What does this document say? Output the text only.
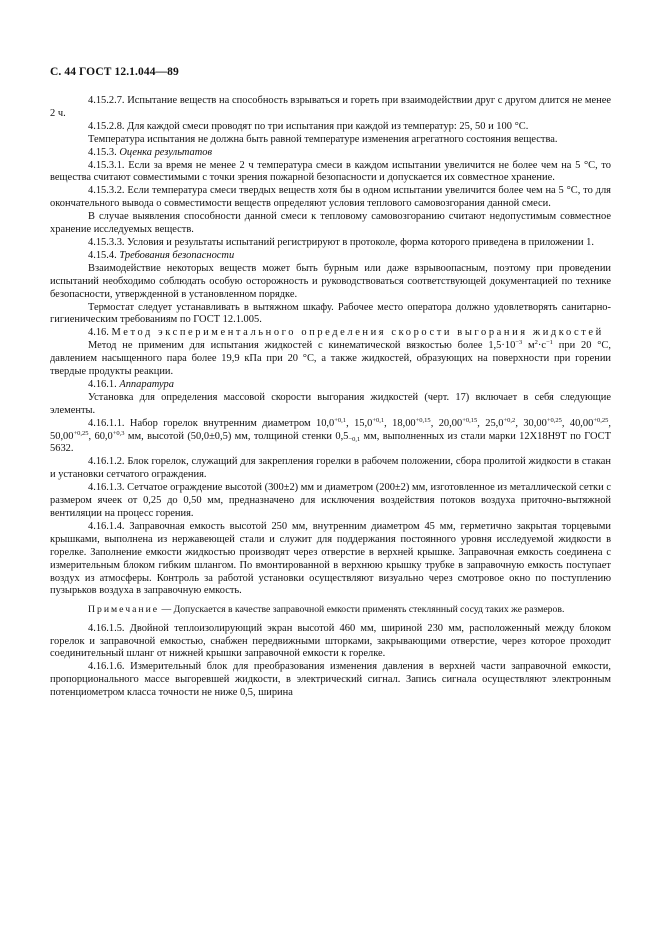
С. 44 ГОСТ 12.1.044—89

4.15.2.7. Испытание веществ на способность взрываться и гореть при взаимодействии друг с другом длится не менее 2 ч.

4.15.2.8. Для каждой смеси проводят по три испытания при каждой из температур: 25, 50 и 100 °С.

Температура испытания не должна быть равной температуре изменения агрегатного состояния вещества.

4.15.3. Оценка результатов

4.15.3.1. Если за время не менее 2 ч температура смеси в каждом испытании увеличится не более чем на 5 °С, то вещества считают совместимыми с точки зрения пожарной безопасности и допускается их совместное хранение.

4.15.3.2. Если температура смеси твердых веществ хотя бы в одном испытании увеличится более чем на 5 °С, то для окончательного вывода о совместимости веществ определяют условия теплового самовозгорания данной смеси.

В случае выявления способности данной смеси к тепловому самовозгоранию считают недопустимым совместное хранение исследуемых веществ.

4.15.3.3. Условия и результаты испытаний регистрируют в протоколе, форма которого приведена в приложении 1.

4.15.4. Требования безопасности

Взаимодействие некоторых веществ может быть бурным или даже взрывоопасным, поэтому при проведении испытаний необходимо соблюдать особую осторожность и руководствоваться соответствующей документацией по технике безопасности, утвержденной в установленном порядке.

Термостат следует устанавливать в вытяжном шкафу. Рабочее место оператора должно удовлетворять санитарно-гигиеническим требованиям по ГОСТ 12.1.005.

4.16. Метод экспериментального определения скорости выгорания жидкостей

Метод не применим для испытания жидкостей с кинематической вязкостью более $1,5\cdot 10^{-3}$ $м^2\cdot с^{-1}$ при 20 °С, давлением насыщенного пара более 19,9 кПа при 20 °С, а также жидкостей, образующих на поверхности при горении твердые продукты реакции.

4.16.1. Аппаратура

Установка для определения массовой скорости выгорания жидкостей (черт. 17) включает в себя следующие элементы.

4.16.1.1. Набор горелок внутренним диаметром $10,0^{+0,1}$, $15,0^{+0,1}$, $18,00^{+0,15}$, $20,00^{+0,15}$, $25,0^{+0,2}$, $30,00^{+0,25}$, $40,00^{+0,25}$, $50,00^{+0,25}$, $60,0^{+0,3}$ мм, высотой (50,0±0,5) мм, толщиной стенки $0,5_{-0,1}$ мм, выполненных из стали марки 12Х18Н9Т по ГОСТ 5632.

4.16.1.2. Блок горелок, служащий для закрепления горелки в рабочем положении, сбора пролитой жидкости в стакан и установки сетчатого ограждения.

4.16.1.3. Сетчатое ограждение высотой (300±2) мм и диаметром (200±2) мм, изготовленное из металлической сетки с размером ячеек от 0,25 до 0,50 мм, предназначено для исключения воздействия потоков воздуха приточно-вытяжной вентиляции на процесс горения.

4.16.1.4. Заправочная емкость высотой 250 мм, внутренним диаметром 45 мм, герметично закрытая торцевыми крышками, выполнена из нержавеющей стали и служит для поддержания постоянного уровня исследуемой жидкости в горелке. Заполнение емкости жидкостью производят через отверстие в верхней крышке. Заправочная емкость соединена с измерительным блоком гибким шлангом. По вмонтированной в верхнюю крышку трубке в заправочную емкость поступает воздух из атмосферы. Контроль за работой установки осуществляют визуально через смотровое окно по поступлению пузырьков воздуха в заправочную емкость.

Примечание — Допускается в качестве заправочной емкости применять стеклянный сосуд таких же размеров.

4.16.1.5. Двойной теплоизолирующий экран высотой 460 мм, шириной 230 мм, расположенный между блоком горелок и заправочной емкостью, снабжен передвижными шторками, закрывающими отверстие, через которое проходит соединительный шланг от нижней крышки заправочной емкости к горелке.

4.16.1.6. Измерительный блок для преобразования изменения давления в верхней части заправочной емкости, пропорционального массе выгоревшей жидкости, в электрический сигнал. Запись сигнала осуществляют электронным потенциометром класса точности не ниже 0,5, ширина
